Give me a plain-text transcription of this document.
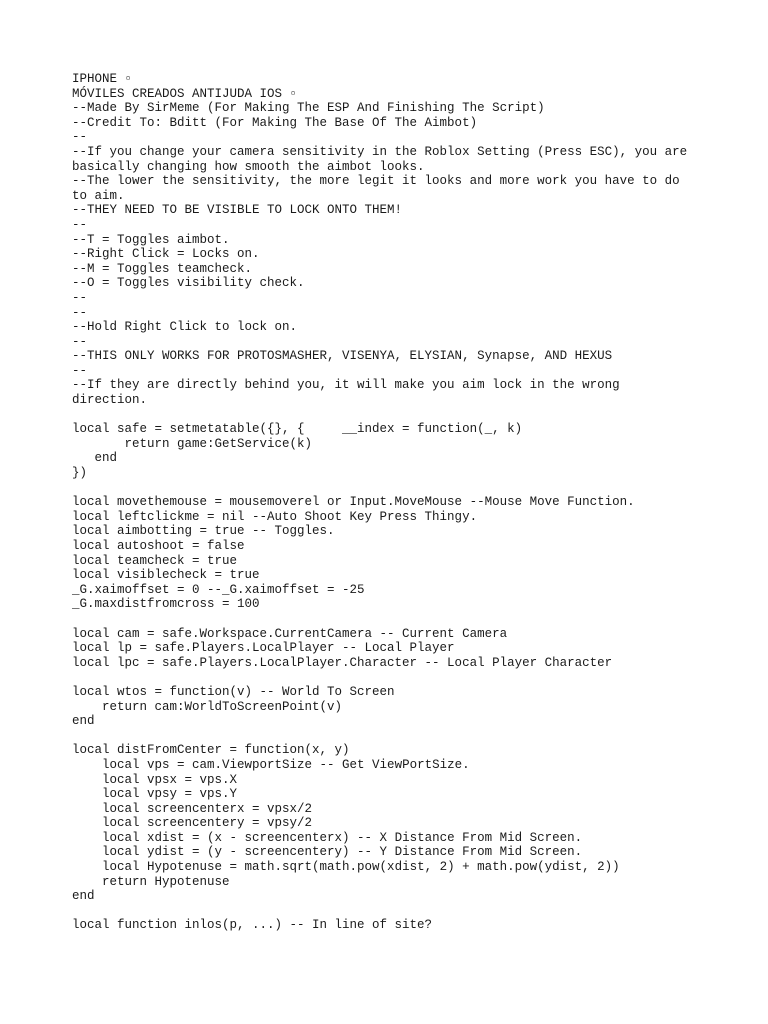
IPHONE ▫
MÓVILES CREADOS ANTIJUDA IOS ▫
--Made By SirMeme (For Making The ESP And Finishing The Script)
--Credit To: Bditt (For Making The Base Of The Aimbot)
--
--If you change your camera sensitivity in the Roblox Setting (Press ESC), you are basically changing how smooth the aimbot looks.
--The lower the sensitivity, the more legit it looks and more work you have to do to aim.
--THEY NEED TO BE VISIBLE TO LOCK ONTO THEM!
--
--T = Toggles aimbot.
--Right Click = Locks on.
--M = Toggles teamcheck.
--O = Toggles visibility check.
--
--
--Hold Right Click to lock on.
--
--THIS ONLY WORKS FOR PROTOSMASHER, VISENYA, ELYSIAN, Synapse, AND HEXUS
--
--If they are directly behind you, it will make you aim lock in the wrong direction.
local safe = setmetatable({}, {     __index = function(_, k)
return game:GetService(k)
end
})
local movethemouse = mousemoverel or Input.MoveMouse --Mouse Move Function.
local leftclickme = nil --Auto Shoot Key Press Thingy.
local aimbotting = true -- Toggles.
local autoshoot = false
local teamcheck = true
local visiblecheck = true
_G.xaimoffset = 0 --_G.xaimoffset = -25
_G.maxdistfromcross = 100
local cam = safe.Workspace.CurrentCamera -- Current Camera
local lp = safe.Players.LocalPlayer -- Local Player
local lpc = safe.Players.LocalPlayer.Character -- Local Player Character
local wtos = function(v) -- World To Screen
return cam:WorldToScreenPoint(v)
end
local distFromCenter = function(x, y)
local vps = cam.ViewportSize -- Get ViewPortSize.
local vpsx = vps.X
local vpsy = vps.Y
local screencenterx = vpsx/2
local screencentery = vpsy/2
local xdist = (x - screencenterx) -- X Distance From Mid Screen.
local ydist = (y - screencentery) -- Y Distance From Mid Screen.
local Hypotenuse = math.sqrt(math.pow(xdist, 2) + math.pow(ydist, 2))
return Hypotenuse
end
local function inlos(p, ...) -- In line of site?
